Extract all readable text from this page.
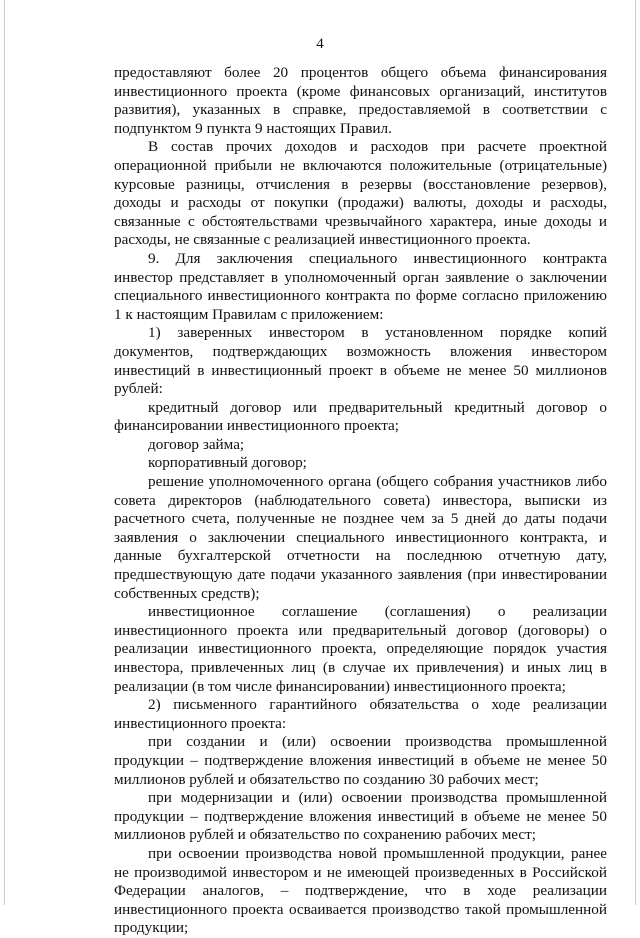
4

предоставляют более 20 процентов общего объема финансирования инвестиционного проекта (кроме финансовых организаций, институтов развития), указанных в справке, предоставляемой в соответствии с подпунктом 9 пункта 9 настоящих Правил.

В состав прочих доходов и расходов при расчете проектной операционной прибыли не включаются положительные (отрицательные) курсовые разницы, отчисления в резервы (восстановление резервов), доходы и расходы от покупки (продажи) валюты, доходы и расходы, связанные с обстоятельствами чрезвычайного характера, иные доходы и расходы, не связанные с реализацией инвестиционного проекта.

9. Для заключения специального инвестиционного контракта инвестор представляет в уполномоченный орган заявление о заключении специального инвестиционного контракта по форме согласно приложению 1 к настоящим Правилам с приложением:

1) заверенных инвестором в установленном порядке копий документов, подтверждающих возможность вложения инвестором инвестиций в инвестиционный проект в объеме не менее 50 миллионов рублей:

кредитный договор или предварительный кредитный договор о финансировании инвестиционного проекта;

договор займа;

корпоративный договор;

решение уполномоченного органа (общего собрания участников либо совета директоров (наблюдательного совета) инвестора, выписки из расчетного счета, полученные не позднее чем за 5 дней до даты подачи заявления о заключении специального инвестиционного контракта, и данные бухгалтерской отчетности на последнюю отчетную дату, предшествующую дате подачи указанного заявления (при инвестировании собственных средств);

инвестиционное соглашение (соглашения) о реализации инвестиционного проекта или предварительный договор (договоры) о реализации инвестиционного проекта, определяющие порядок участия инвестора, привлеченных лиц (в случае их привлечения) и иных лиц в реализации (в том числе финансировании) инвестиционного проекта;

2) письменного гарантийного обязательства о ходе реализации инвестиционного проекта:

при создании и (или) освоении производства промышленной продукции – подтверждение вложения инвестиций в объеме не менее 50 миллионов рублей и обязательство по созданию 30 рабочих мест;

при модернизации и (или) освоении производства промышленной продукции – подтверждение вложения инвестиций в объеме не менее 50 миллионов рублей и обязательство по сохранению рабочих мест;

при освоении производства новой промышленной продукции, ранее не производимой инвестором и не имеющей произведенных в Российской Федерации аналогов, – подтверждение, что в ходе реализации инвестиционного проекта осваивается производство такой промышленной продукции;
